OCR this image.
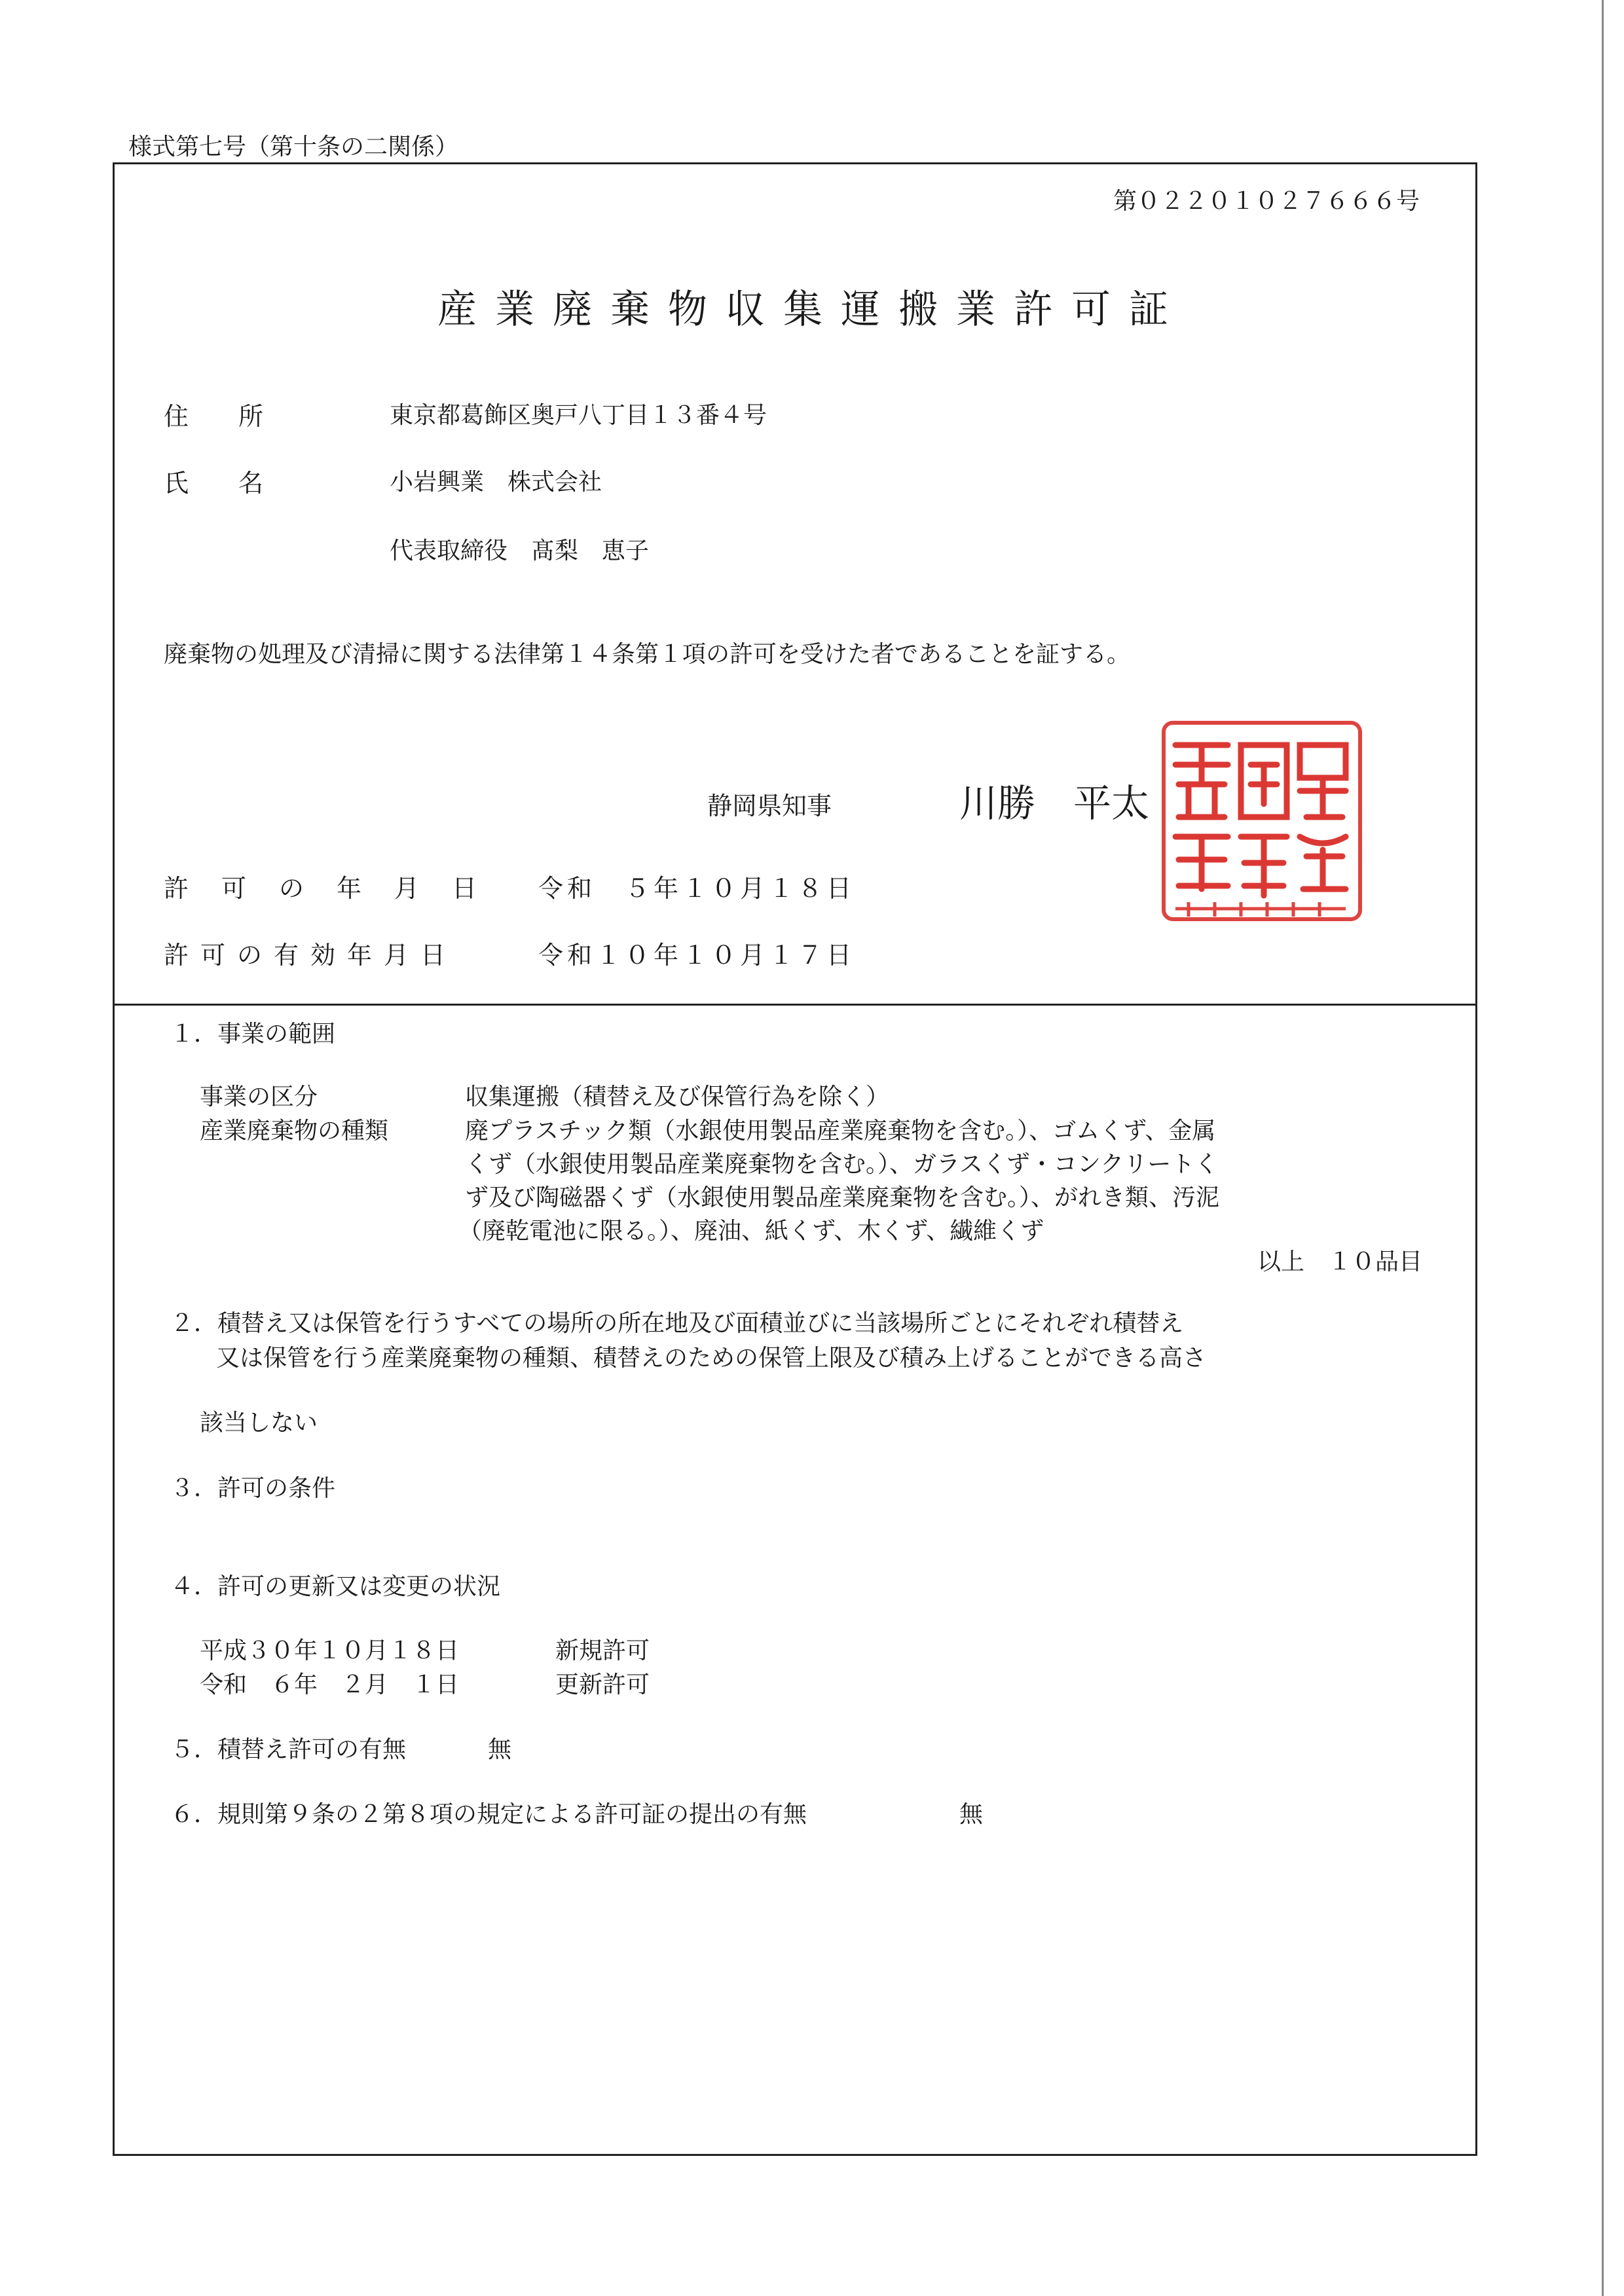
様式第七号（第十条の二関係）
第０２２０１０２７６６６号
産業廃棄物収集運搬業許可証
住　　所	東京都葛飾区奥戸八丁目１３番４号
氏　　名	小岩興業　株式会社
代表取締役　髙梨　恵子
廃棄物の処理及び清掃に関する法律第１４条第１項の許可を受けた者であることを証する。
静岡県知事	川勝　平太
許　可　の　年　月　日 令和　５年１０月１８日
許可の有効年月日	令和１０年１０月１７日
１．事業の範囲
事業の区分	収集運搬（積替え及び保管行為を除く）
産業廃棄物の種類	廃プラスチック類（水銀使用製品産業廃棄物を含む。）、ゴムくず、金属
くず（水銀使用製品産業廃棄物を含む。）、ガラスくず・コンクリートく
ず及び陶磁器くず（水銀使用製品産業廃棄物を含む。）、がれき類、汚泥
（廃乾電池に限る。）、廃油、紙くず、木くず、繊維くず
以上　１０品目
２．積替え又は保管を行うすべての場所の所在地及び面積並びに当該場所ごとにそれぞれ積替え
又は保管を行う産業廃棄物の種類、積替えのための保管上限及び積み上げることができる高さ
該当しない
３．許可の条件
４．許可の更新又は変更の状況
平成３０年１０月１８日	新規許可
令和　６年　２月　１日	更新許可
５．積替え許可の有無	無
６．規則第９条の２第８項の規定による許可証の提出の有無	無
